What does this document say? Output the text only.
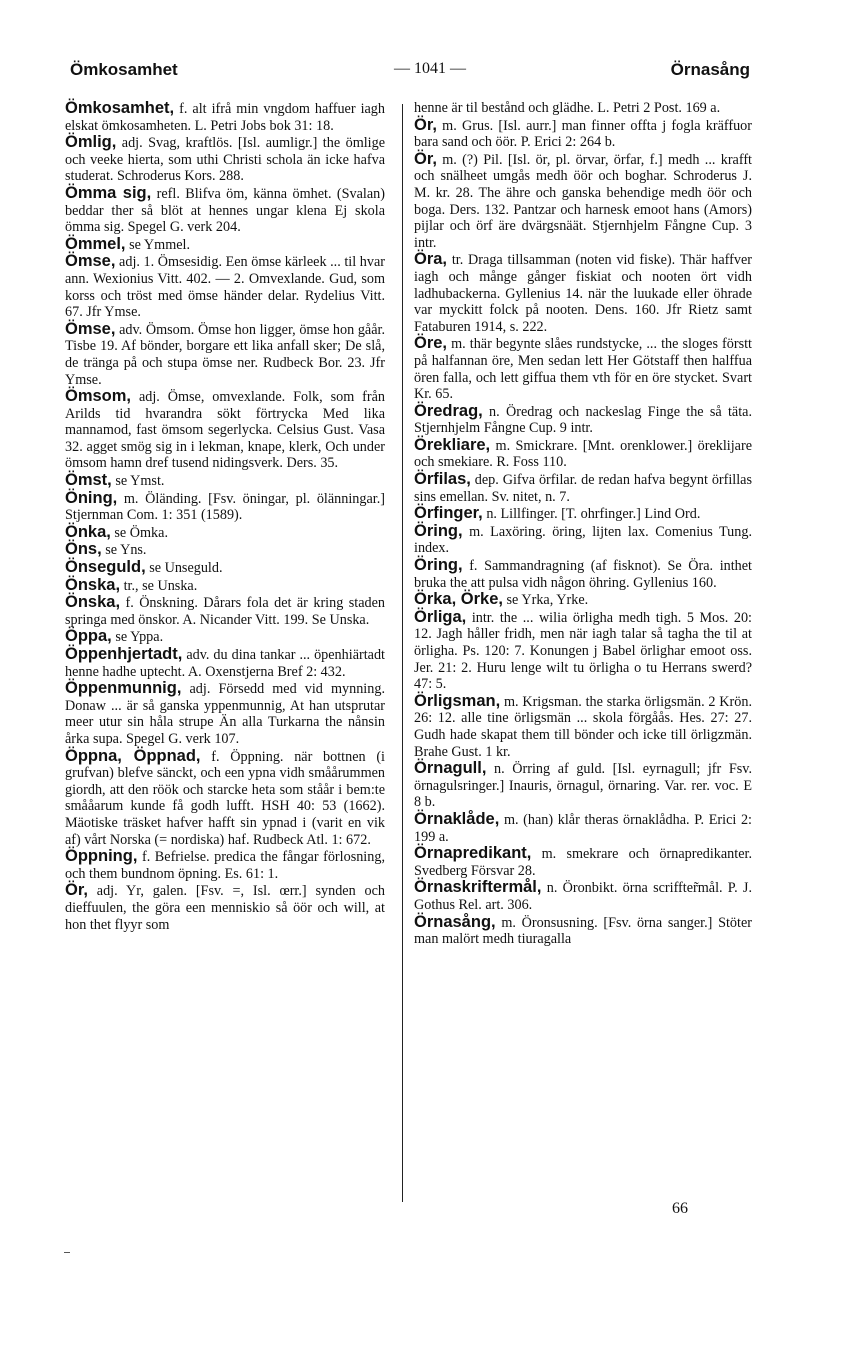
Ömkosamhet	— 1041 —	Örnasång

Ömkosamhet, f. alt ifrå min vngdom haffuer iagh elskat ömkosamheten. L. Petri Jobs bok 31: 18.

Ömlig, adj. Svag, kraftlös. [Isl. aumligr.] the ömlige och veeke hierta, som uthi Christi schola än icke hafva studerat. Schroderus Kors. 288.

Ömma sig, refl. Blifva öm, känna ömhet. (Svalan) beddar ther så blöt at hennes ungar klena Ej skola ömma sig. Spegel G. verk 204.

Ömmel, se Ymmel.

Ömse, adj. 1. Ömsesidig. Een ömse kärleek ... til hvar ann. Wexionius Vitt. 402. — 2. Omvexlande. Gud, som korss och tröst med ömse händer delar. Rydelius Vitt. 67. Jfr Ymse.

Ömse, adv. Ömsom. Ömse hon ligger, ömse hon gåår. Tisbe 19. Af bönder, borgare ett lika anfall sker; De slå, de tränga på och stupa ömse ner. Rudbeck Bor. 23. Jfr Ymse.

Ömsom, adj. Ömse, omvexlande. Folk, som från Arilds tid hvarandra sökt förtrycka Med lika mannamod, fast ömsom segerlycka. Celsius Gust. Vasa 32. agget smög sig in i lekman, knape, klerk, Och under ömsom hamn dref tusend nidingsverk. Ders. 35.

Ömst, se Ymst.

Öning, m. Öländing. [Fsv. öningar, pl. ölänningar.] Stjernman Com. 1: 351 (1589).

Önka, se Ömka.

Öns, se Yns.

Önseguld, se Unseguld.

Önska, tr., se Unska.

Önska, f. Önskning. Dårars fola det är kring staden springa med önskor. A. Nicander Vitt. 199. Se Unska.

Öppa, se Yppa.

Öppenhjertadt, adv. du dina tankar ... öpenhiärtadt henne hadhe uptecht. A. Oxenstjerna Bref 2: 432.

Öppenmunnig, adj. Försedd med vid mynning. Donaw ... är så ganska yppenmunnig, At han utsprutar meer utur sin håla strupe Än alla Turkarna the nånsin årka supa. Spegel G. verk 107.

Öppna, Öppnad, f. Öppning. när bottnen (i grufvan) blefve sänckt, och een ypna vidh småårummen giordh, att den röök och starcke heta som ståår i bem:te smååarum kunde få godh lufft. HSH 40: 53 (1662). Mäotiske träsket hafver hafft sin ypnad i (varit en vik af) vårt Norska (= nordiska) haf. Rudbeck Atl. 1: 672.

Öppning, f. Befrielse. predica the fångar förlosning, och them bundnom öpning. Es. 61: 1.

Ör, adj. Yr, galen. [Fsv. =, Isl. œrr.] synden och dieffuulen, the göra een menniskio så öör och will, at hon thet flyyr som

henne är til bestånd och glädhe. L. Petri 2 Post. 169 a.

Ör, m. Grus. [Isl. aurr.] man finner offta j fogla kräffuor bara sand och öör. P. Erici 2: 264 b.

Ör, m. (?) Pil. [Isl. ör, pl. örvar, örfar, f.] medh ... krafft och snälheet umgås medh öör och boghar. Schroderus J. M. kr. 28. The ähre och ganska behendige medh öör och boga. Ders. 132. Pantzar och harnesk emoot hans (Amors) pijlar och örf äre dvärgsnäät. Stjernhjelm Fångne Cup. 3 intr.

Öra, tr. Draga tillsamman (noten vid fiske). Thär haffver iagh och månge gånger fiskiat och nooten ört vidh ladhubackerna. Gyllenius 14. när the luukade eller öhrade var myckitt folck på nooten. Dens. 160. Jfr Rietz samt Fataburen 1914, s. 222.

Öre, m. thär begynte slåes rundstycke, ... the sloges förstt på halfannan öre, Men sedan lett Her Götstaff then halffua ören falla, och lett giffua them vth för en öre stycket. Svart Kr. 65.

Öredrag, n. Öredrag och nackeslag Finge the så täta. Stjernhjelm Fångne Cup. 9 intr.

Örekliare, m. Smickrare. [Mnt. orenklower.] öreklijare och smekiare. R. Foss 110.

Örfilas, dep. Gifva örfilar. de redan hafva begynt örfillas sins emellan. Sv. nitet, n. 7.

Örfinger, n. Lillfinger. [T. ohrfinger.] Lind Ord.

Öring, m. Laxöring. öring, lijten lax. Comenius Tung. index.

Öring, f. Sammandragning (af fisknot). Se Öra. inthet bruka the att pulsa vidh någon öhring. Gyllenius 160.

Örka, Örke, se Yrka, Yrke.

Örliga, intr. the ... wilia örligha medh tigh. 5 Mos. 20: 12. Jagh håller fridh, men när iagh talar så tagha the til at örligha. Ps. 120: 7. Konungen j Babel örlighar emoot oss. Jer. 21: 2. Huru lenge wilt tu örligha o tu Herrans swerd? 47: 5.

Örligsman, m. Krigsman. the starka örligsmän. 2 Krön. 26: 12. alle tine örligsmän ... skola förgåås. Hes. 27: 27. Gudh hade skapat them till bönder och icke till örligzmän. Brahe Gust. 1 kr.

Örnagull, n. Örring af guld. [Isl. eyrnagull; jfr Fsv. örnagulsringer.] Inauris, örnagul, örnaring. Var. rer. voc. E 8 b.

Örnaklåde, m. (han) klår theras örnaklådha. P. Erici 2: 199 a.

Örnapredikant, m. smekrare och örnapredikanter. Svedberg Försvar 28.

Örnaskriftermål, n. Öronbikt. örna scriffter̃mål. P. J. Gothus Rel. art. 306.

Örnasång, m. Öronsusning. [Fsv. örna sanger.] Stöter man malört medh tiuragalla

66
